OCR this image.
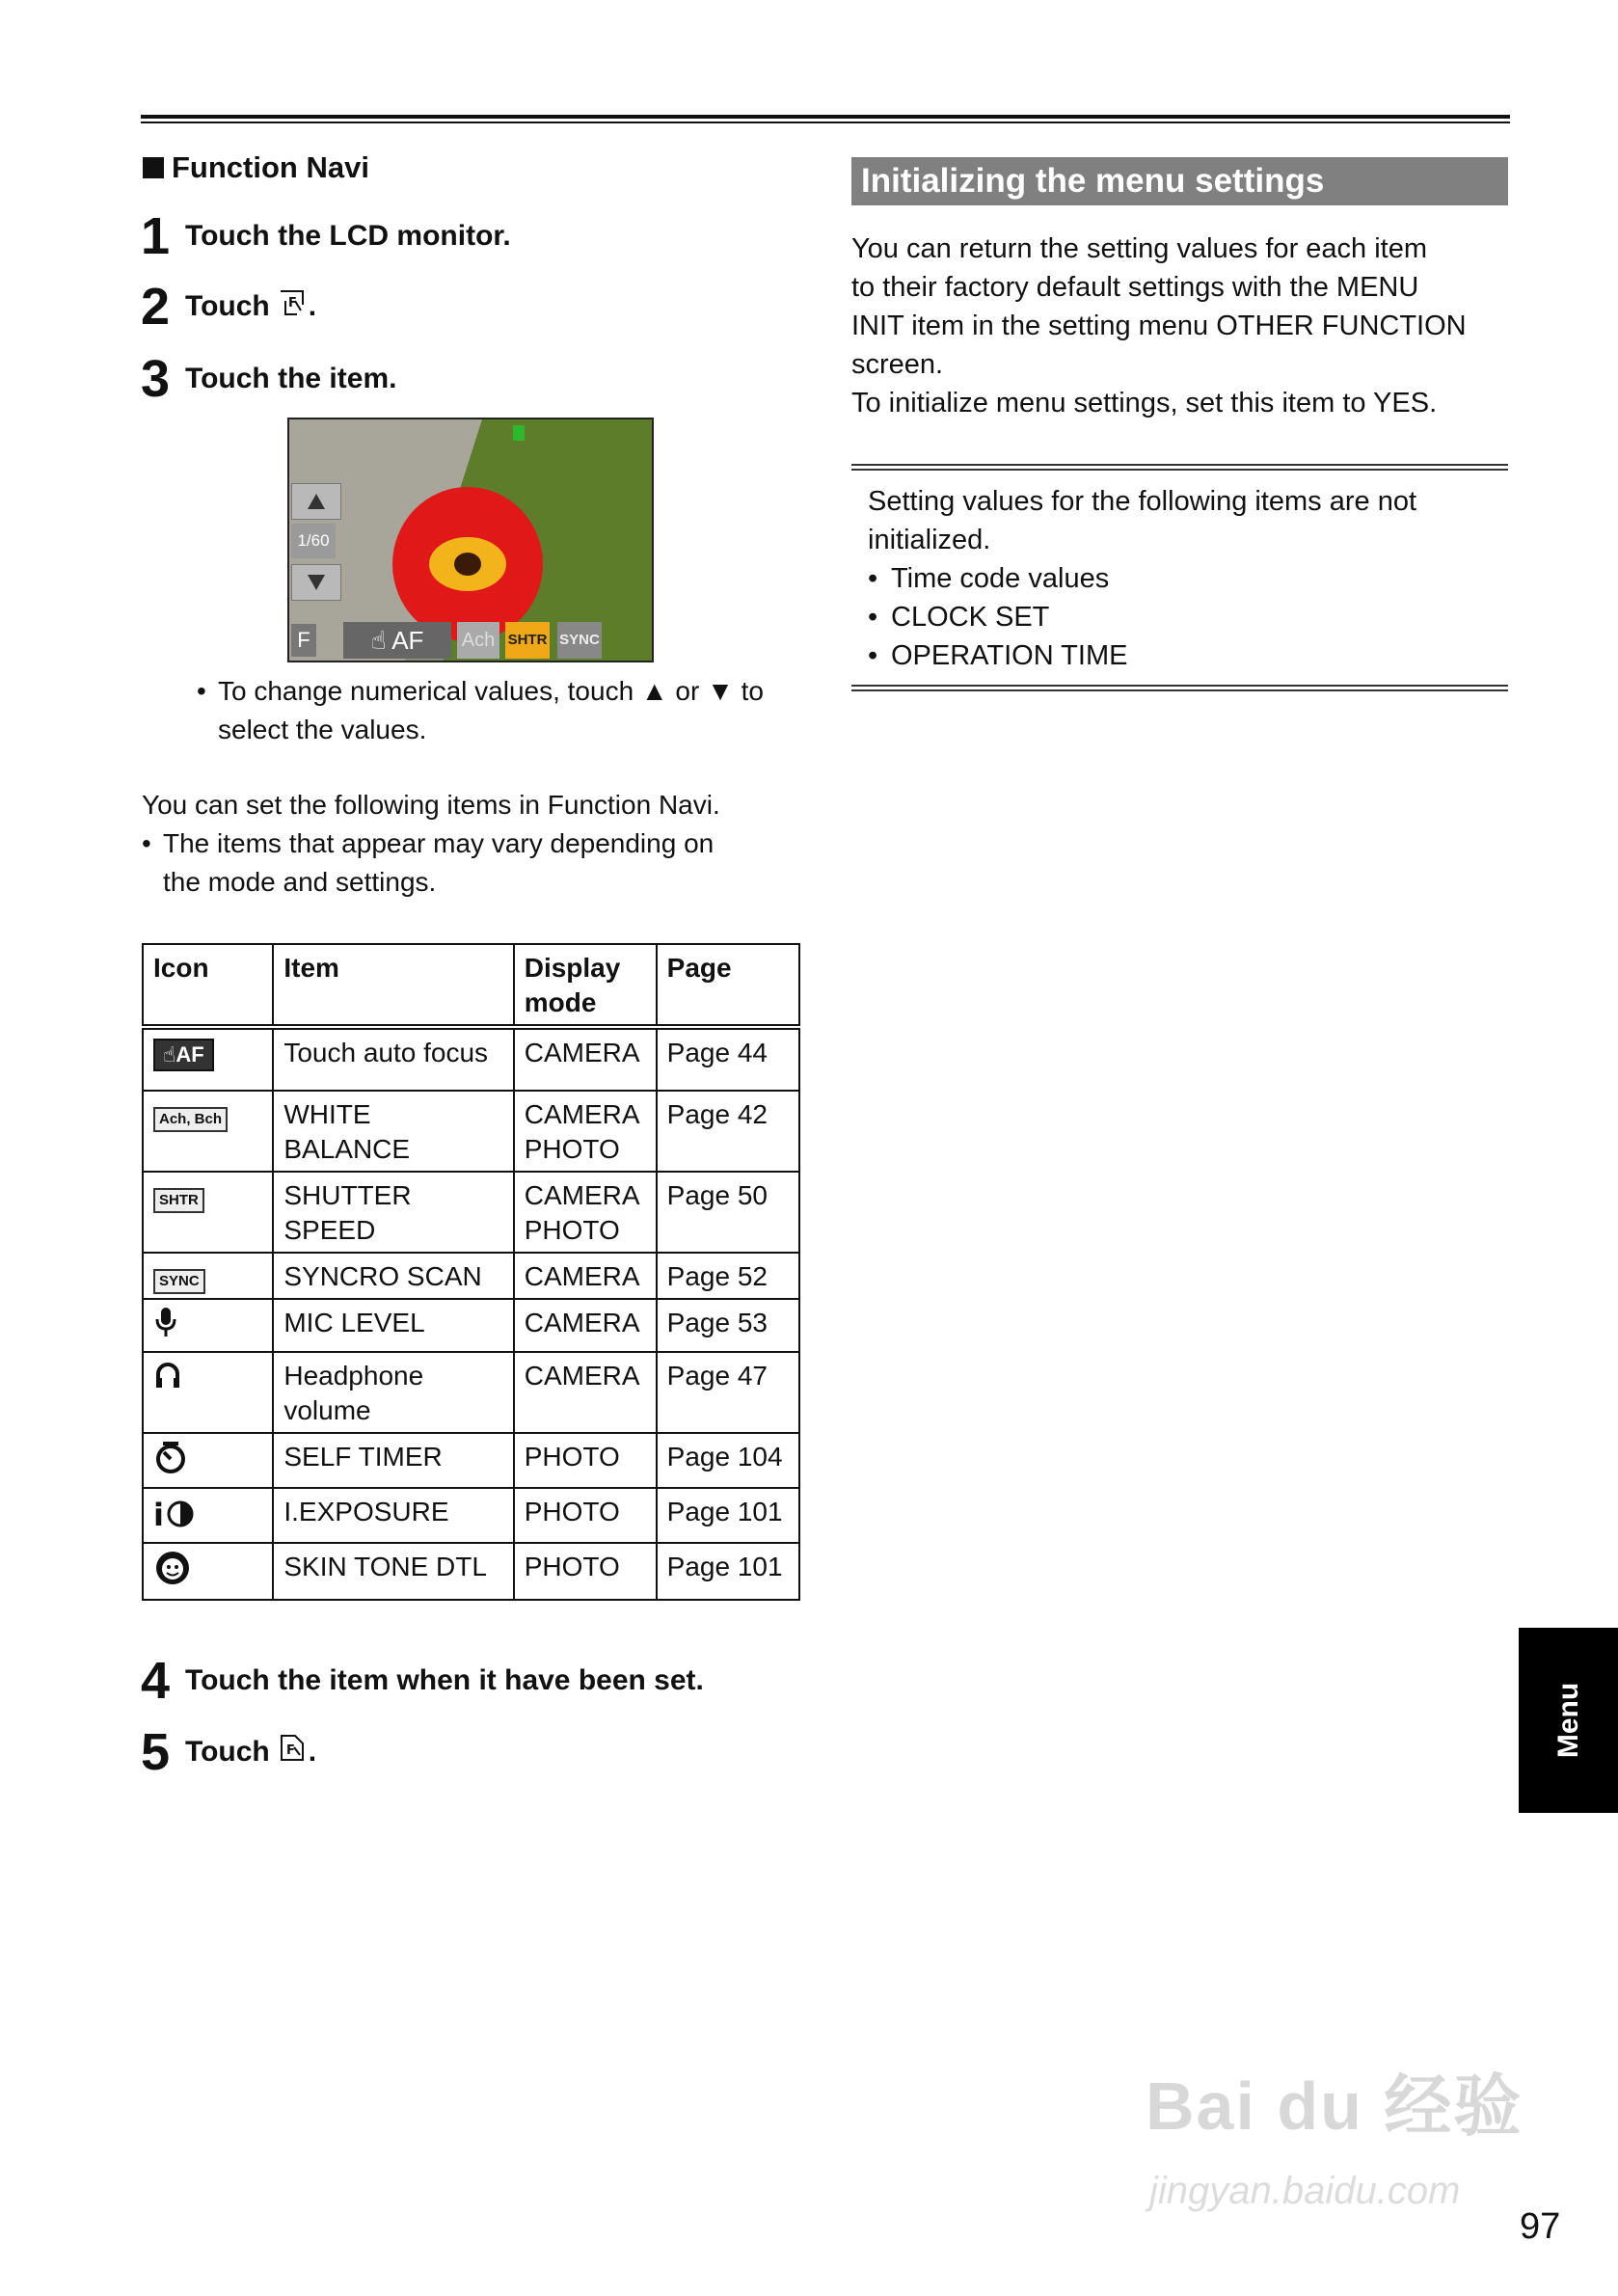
Function Navi
1 Touch the LCD monitor.
2 Touch F .
3 Touch the item.
1/60
F	☝ AF	Ach SHTR SYNC
• To change numerical values, touch ▲ or ▼ to
select the values.
You can set the following items in Function Navi.
• The items that appear may vary depending on
the mode and settings.
Icon	Item	Display mode	Page
☝AF	Touch auto focus	CAMERA	Page 44
Ach, Bch	WHITE BALANCE	CAMERA PHOTO	Page 42
SHTR	SHUTTER SPEED	CAMERA PHOTO	Page 50
SYNC	SYNCRO SCAN	CAMERA	Page 52
	MIC LEVEL	CAMERA	Page 53
	Headphone volume	CAMERA	Page 47
	SELF TIMER	PHOTO	Page 104

i	I.EXPOSURE	PHOTO	Page 101
	SKIN TONE DTL	PHOTO	Page 101
4 Touch the item when it have been set.
5 Touch F .
Initializing the menu settings
You can return the setting values for each item
to their factory default settings with the MENU
INIT item in the setting menu OTHER FUNCTION
screen.
To initialize menu settings, set this item to YES.
Setting values for the following items are not
initialized.
• Time code values
• CLOCK SET
• OPERATION TIME
Menu
Bai du 经验
jingyan.baidu.com
97
